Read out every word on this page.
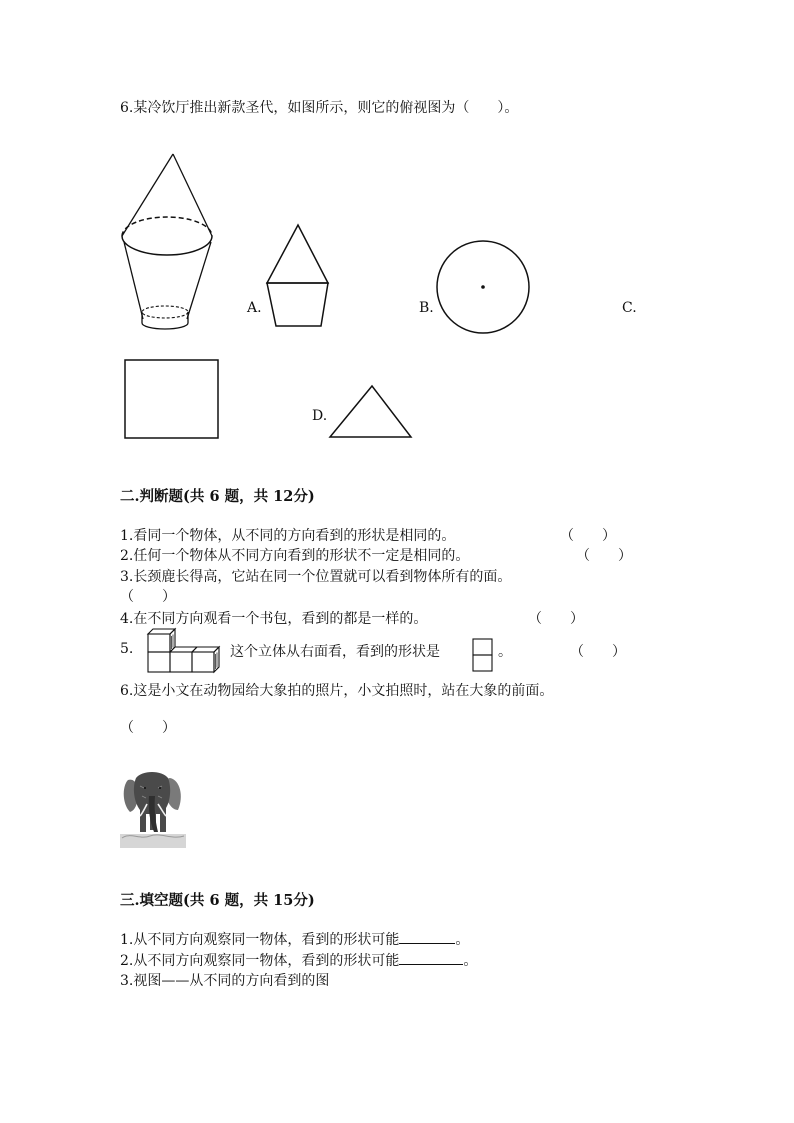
6.某冷饮厅推出新款圣代，如图所示，则它的俯视图为（　　）。
A.	B.	C.
D.
二.判断题(共 6 题，共 12分)
1.看同一个物体，从不同的方向看到的形状是相同的。	（　　）
2.任何一个物体从不同方向看到的形状不一定是相同的。	（　　）
3.长颈鹿长得高，它站在同一个位置就可以看到物体所有的面。
（　　）
4.在不同方向观看一个书包，看到的都是一样的。	（　　）
5.	这个立体从右面看，看到的形状是	。	（　　）
6.这是小文在动物园给大象拍的照片，小文拍照时，站在大象的前面。
（　　）
三.填空题(共 6 题，共 15分)
1.从不同方向观察同一物体，看到的形状可能	。
2.从不同方向观察同一物体，看到的形状可能	。
3.视图——从不同的方向看到的图
